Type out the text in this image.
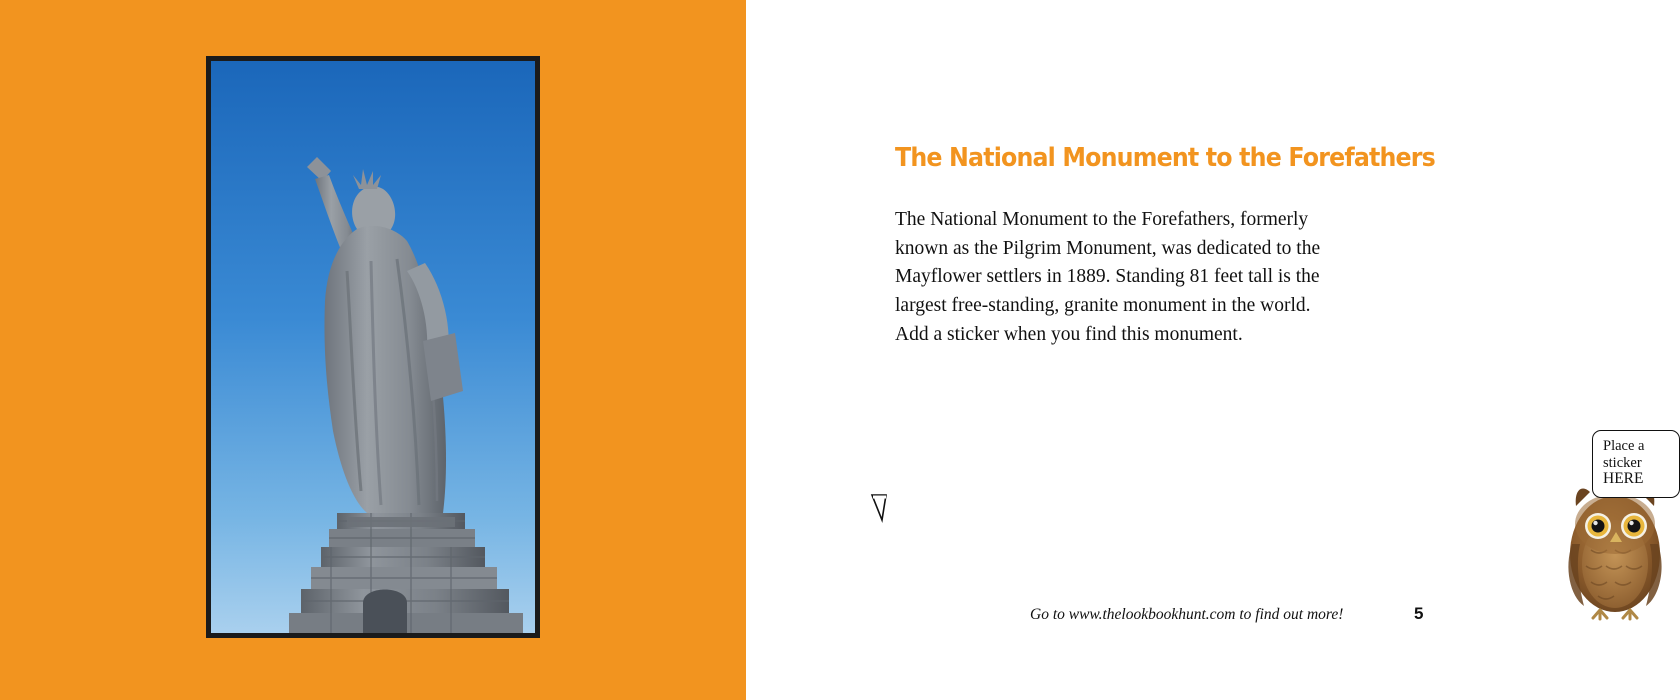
The National Monument to the Forefathers
The National Monument to the Forefathers, formerly known as the Pilgrim Monument, was dedicated to the Mayflower settlers in 1889. Standing 81 feet tall is the largest free-standing, granite monument in the world. Add a sticker when you find this monument.
Place a
sticker
HERE
Go to www.thelookbookhunt.com to find out more!	5
